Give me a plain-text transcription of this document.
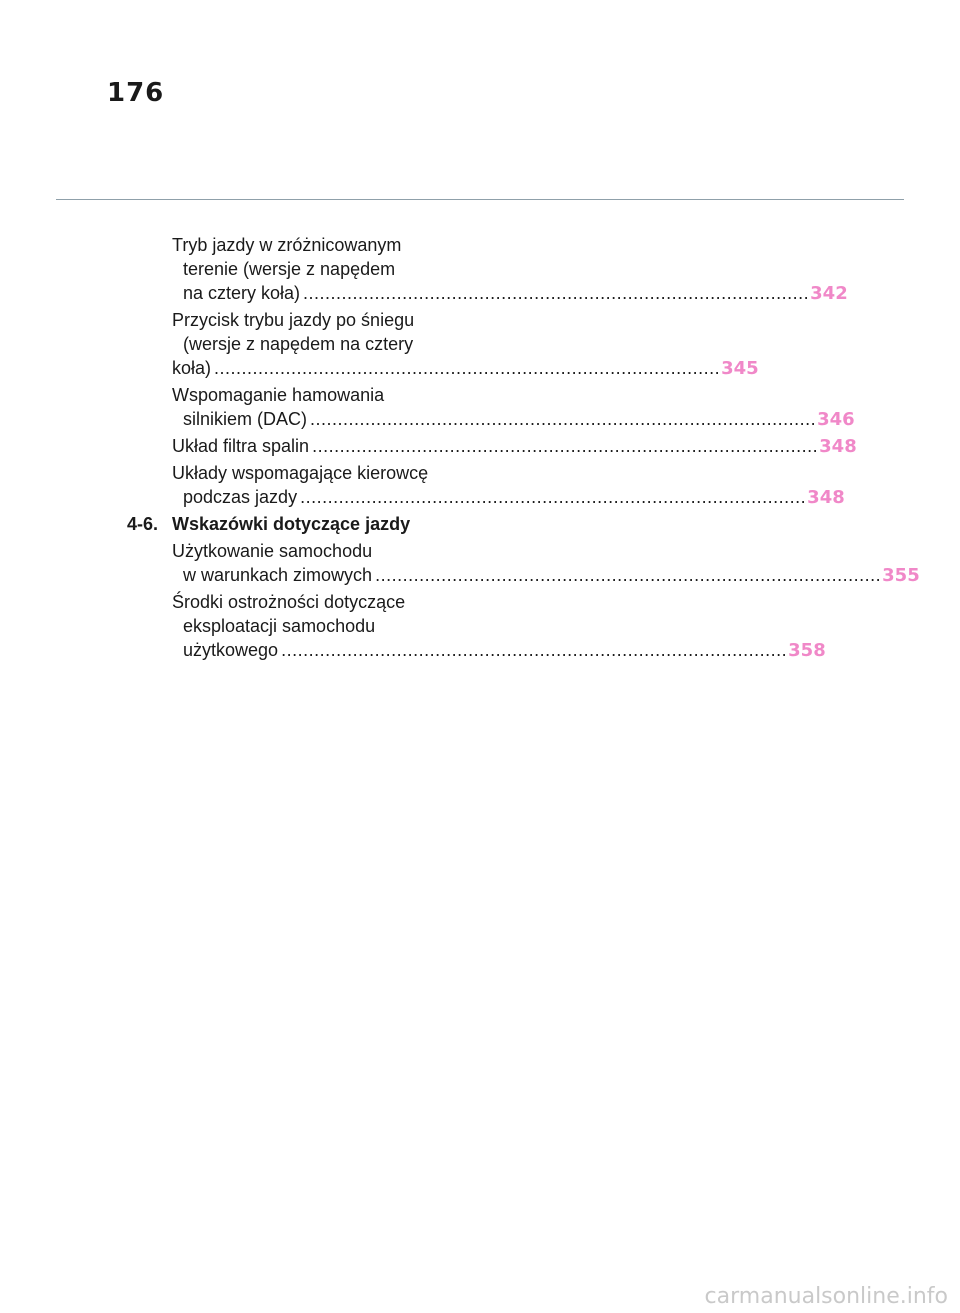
176
Tryb jazdy w zróżnicowanym
terenie (wersje z napędem
na cztery koła) ............................................................................................ 342
Przycisk trybu jazdy po śniegu
(wersje z napędem na cztery
koła) ............................................................................................ 345
Wspomaganie hamowania
silnikiem (DAC) ............................................................................................ 346
Układ filtra spalin ............................................................................................ 348
Układy wspomagające kierowcę
podczas jazdy ............................................................................................ 348
4-6. Wskazówki dotyczące jazdy
Użytkowanie samochodu
w warunkach zimowych ............................................................................................ 355
Środki ostrożności dotyczące
eksploatacji samochodu
użytkowego ............................................................................................ 358
carmanualsonline.info
